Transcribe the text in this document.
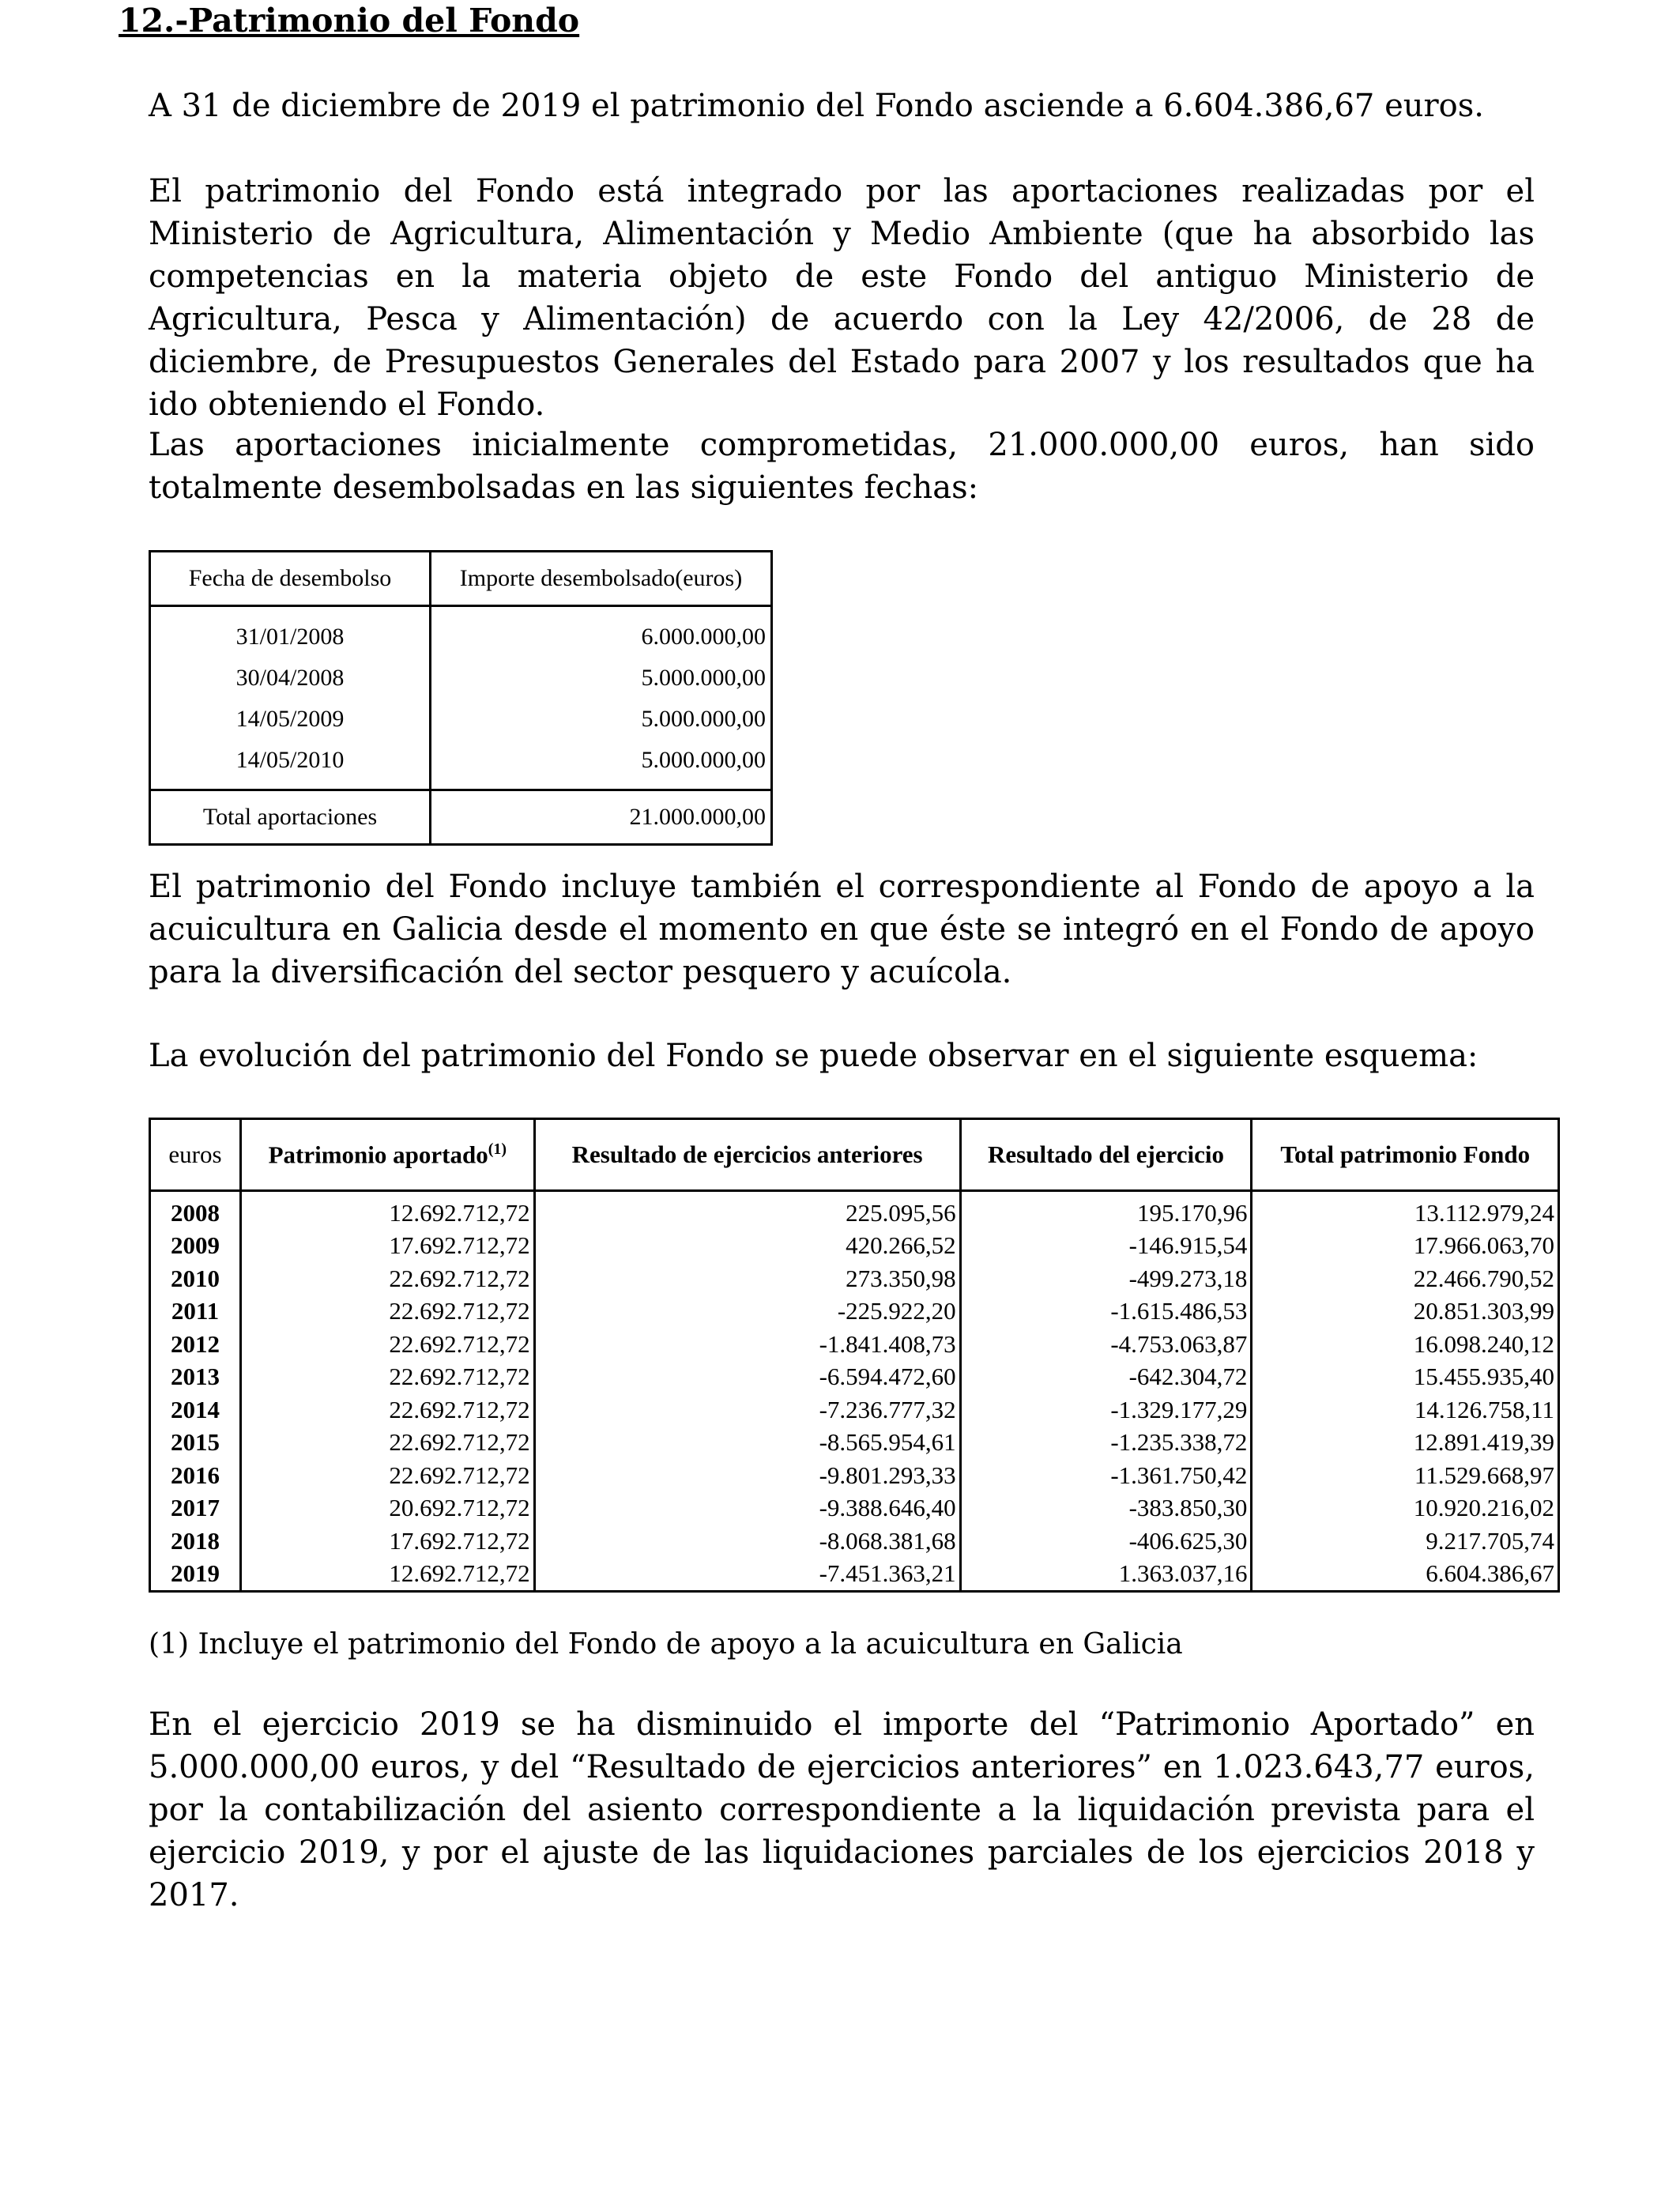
12.-Patrimonio del Fondo

A 31 de diciembre de 2019 el patrimonio del Fondo asciende a 6.604.386,67 euros.

El patrimonio del Fondo está integrado por las aportaciones realizadas por el Ministerio de Agricultura, Alimentación y Medio Ambiente (que ha absorbido las competencias en la materia objeto de este Fondo del antiguo Ministerio de Agricultura, Pesca y Alimentación) de acuerdo con la Ley 42/2006, de 28 de diciembre, de Presupuestos Generales del Estado para 2007 y los resultados que ha ido obteniendo el Fondo.

Las aportaciones inicialmente comprometidas, 21.000.000,00 euros, han sido totalmente desembolsadas en las siguientes fechas:

Fecha de desembolso	Importe desembolsado(euros)
31/01/2008	6.000.000,00
30/04/2008	5.000.000,00
14/05/2009	5.000.000,00
14/05/2010	5.000.000,00
Total aportaciones	21.000.000,00

El patrimonio del Fondo incluye también el correspondiente al Fondo de apoyo a la acuicultura en Galicia desde el momento en que éste se integró en el Fondo de apoyo para la diversificación del sector pesquero y acuícola.

La evolución del patrimonio del Fondo se puede observar en el siguiente esquema:

euros	Patrimonio aportado$^{(1)}$	Resultado de ejercicios anteriores	Resultado del ejercicio	Total patrimonio Fondo
2008	12.692.712,72	225.095,56	195.170,96	13.112.979,24
2009	17.692.712,72	420.266,52	-146.915,54	17.966.063,70
2010	22.692.712,72	273.350,98	-499.273,18	22.466.790,52
2011	22.692.712,72	-225.922,20	-1.615.486,53	20.851.303,99
2012	22.692.712,72	-1.841.408,73	-4.753.063,87	16.098.240,12
2013	22.692.712,72	-6.594.472,60	-642.304,72	15.455.935,40
2014	22.692.712,72	-7.236.777,32	-1.329.177,29	14.126.758,11
2015	22.692.712,72	-8.565.954,61	-1.235.338,72	12.891.419,39
2016	22.692.712,72	-9.801.293,33	-1.361.750,42	11.529.668,97
2017	20.692.712,72	-9.388.646,40	-383.850,30	10.920.216,02
2018	17.692.712,72	-8.068.381,68	-406.625,30	9.217.705,74
2019	12.692.712,72	-7.451.363,21	1.363.037,16	6.604.386,67

(1) Incluye el patrimonio del Fondo de apoyo a la acuicultura en Galicia

En el ejercicio 2019 se ha disminuido el importe del “Patrimonio Aportado” en 5.000.000,00 euros, y del “Resultado de ejercicios anteriores” en 1.023.643,77 euros, por la contabilización del asiento correspondiente a la liquidación prevista para el ejercicio 2019, y por el ajuste de las liquidaciones parciales de los ejercicios 2018 y 2017.
